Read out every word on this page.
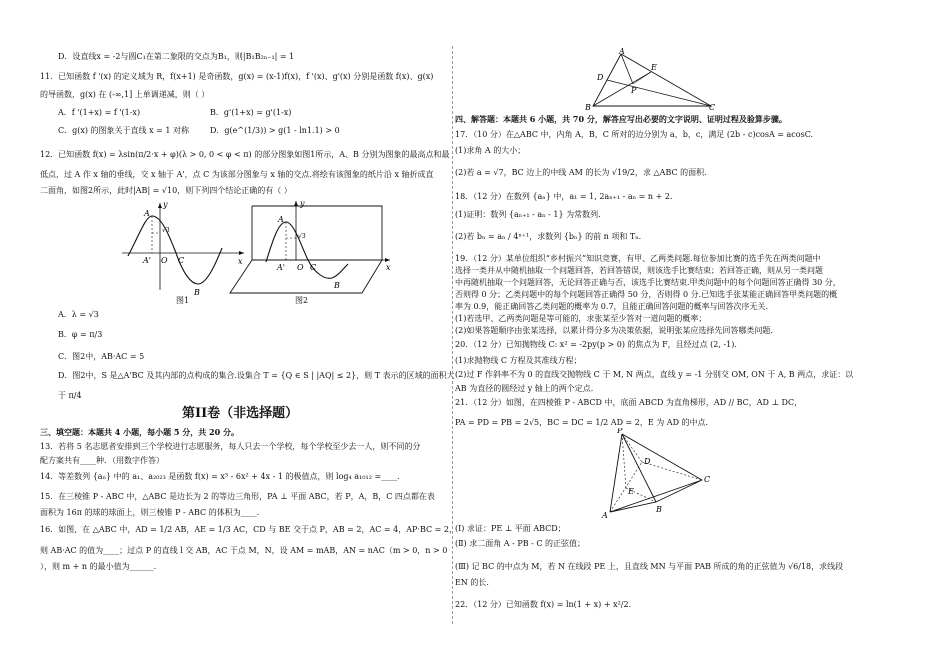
D．设直线x = -2与圆C₁在第二象限的交点为B₁，则|B₁B₂ₙ₋₁| = 1
11．已知函数 f '(x) 的定义域为 R，f(x+1) 是奇函数，g(x) = (x-1)f(x)，f '(x)、g'(x) 分别是函数 f(x)、g(x)
的导函数，g(x) 在 (-∞,1] 上单调递减，则（ ）
A．f '(1+x) = f '(1-x)	B．g'(1+x) = g'(1-x)
C．g(x) 的图象关于直线 x = 1 对称	D．g(e^(1/3)) > g(1 - ln1.1) > 0
12．已知函数 f(x) = λsin(π/2·x + φ)(λ > 0, 0 < φ < π) 的部分图象如图1所示，A、B 分别为图象的最高点和最
低点，过 A 作 x 轴的垂线，交 x 轴于 A'，点 C 为该部分图象与 x 轴的交点.将绘有该图象的纸片沿 x 轴折成直
二面角，如图2所示，此时|AB| = √10，则下列四个结论正确的有（ ）
A
√3
A' O C
B
x
y
图1
A
√3
A' O C
B
x
y
图2
A．λ = √3
B．φ = π/3
C．图2中，AB·AC = 5
D．图2中，S 是△A'BC 及其内部的点构成的集合.设集合 T = {Q ∈ S | |AQ| ≤ 2}，则 T 表示的区域的面积大
于 π/4
第II卷（非选择题）
三、填空题：本题共 4 小题，每小题 5 分，共 20 分。
13．若将 5 名志愿者安排到三个学校进行志愿服务，每人只去一个学校，每个学校至少去一人，则不同的分
配方案共有____种．（用数字作答）
14．等差数列 {aₙ} 中的 a₁、a₂₀₂₃ 是函数 f(x) = x³ - 6x² + 4x - 1 的极值点，则 log₄ a₁₀₁₂ =____.
15．在三棱锥 P - ABC 中，△ABC 是边长为 2 的等边三角形，PA ⊥ 平面 ABC，若 P，A，B，C 四点都在表
面积为 16π 的球的球面上，则三棱锥 P - ABC 的体积为____.
16．如图，在 △ABC 中，AD = 1/2 AB，AE = 1/3 AC，CD 与 BE 交于点 P，AB = 2，AC = 4，AP·BC = 2，
则 AB·AC 的值为____；过点 P 的直线 l 交 AB，AC 于点 M，N，设 AM = mAB，AN = nAC（m > 0，n > 0
），则 m + n 的最小值为______.
A
B	C
D
E
P
四、解答题：本题共 6 小题，共 70 分，解答应写出必要的文字说明、证明过程及验算步骤。
17．（10 分）在△ABC 中，内角 A，B，C 所对的边分别为 a，b，c，满足 (2b - c)cosA = acosC.
(1)求角 A 的大小；
(2)若 a = √7，BC 边上的中线 AM 的长为 √19/2，求 △ABC 的面积.
18．（12 分）在数列 {aₙ} 中，a₁ = 1, 2aₙ₊₁ - aₙ = n + 2.
(1)证明：数列 {aₙ₊₁ - aₙ - 1} 为常数列.
(2)若 bₙ = aₙ / 4ⁿ⁺¹，求数列 {bₙ} 的前 n 项和 Tₙ.
19．（12 分）某单位组织“乡村振兴”知识竞赛，有甲、乙两类问题.每位参加比赛的选手先在两类问题中
选择一类并从中随机抽取一个问题回答，若回答错误，则该选手比赛结束；若回答正确，则从另一类问题
中再随机抽取一个问题回答，无论回答正确与否，该选手比赛结束.甲类问题中的每个问题回答正确得 30 分，
否则得 0 分；乙类问题中的每个问题回答正确得 50 分，否则得 0 分.已知选手张某能正确回答甲类问题的概
率为 0.9，能正确回答乙类问题的概率为 0.7，且能正确回答问题的概率与回答次序无关.
(1)若选甲、乙两类问题是等可能的，求张某至少答对一道问题的概率；
(2)如果答题顺序由张某选择，以累计得分多为决策依据，说明张某应选择先回答哪类问题.
20．（12 分）已知抛物线 C: x² = -2py(p > 0) 的焦点为 F，且经过点 (2, -1).
(1)求抛物线 C 方程及其准线方程；
(2)过 F 作斜率不为 0 的直线交抛物线 C 于 M, N 两点，直线 y = -1 分别交 OM, ON 于 A, B 两点，求证：以
AB 为直径的圆经过 y 轴上的两个定点.
21．（12 分）如图，在四棱锥 P - ABCD 中，底面 ABCD 为直角梯形，AD // BC，AD ⊥ DC，
PA = PD = PB = 2√5，BC = DC = 1/2 AD = 2，E 为 AD 的中点.
P
A
B
C
D
E
(Ⅰ) 求证：PE ⊥ 平面 ABCD；
(Ⅱ) 求二面角 A - PB - C 的正弦值；
(Ⅲ) 记 BC 的中点为 M，若 N 在线段 PE 上，且直线 MN 与平面 PAB 所成的角的正弦值为 √6/18，求线段
EN 的长.
22．（12 分）已知函数 f(x) = ln(1 + x) + x²/2.
